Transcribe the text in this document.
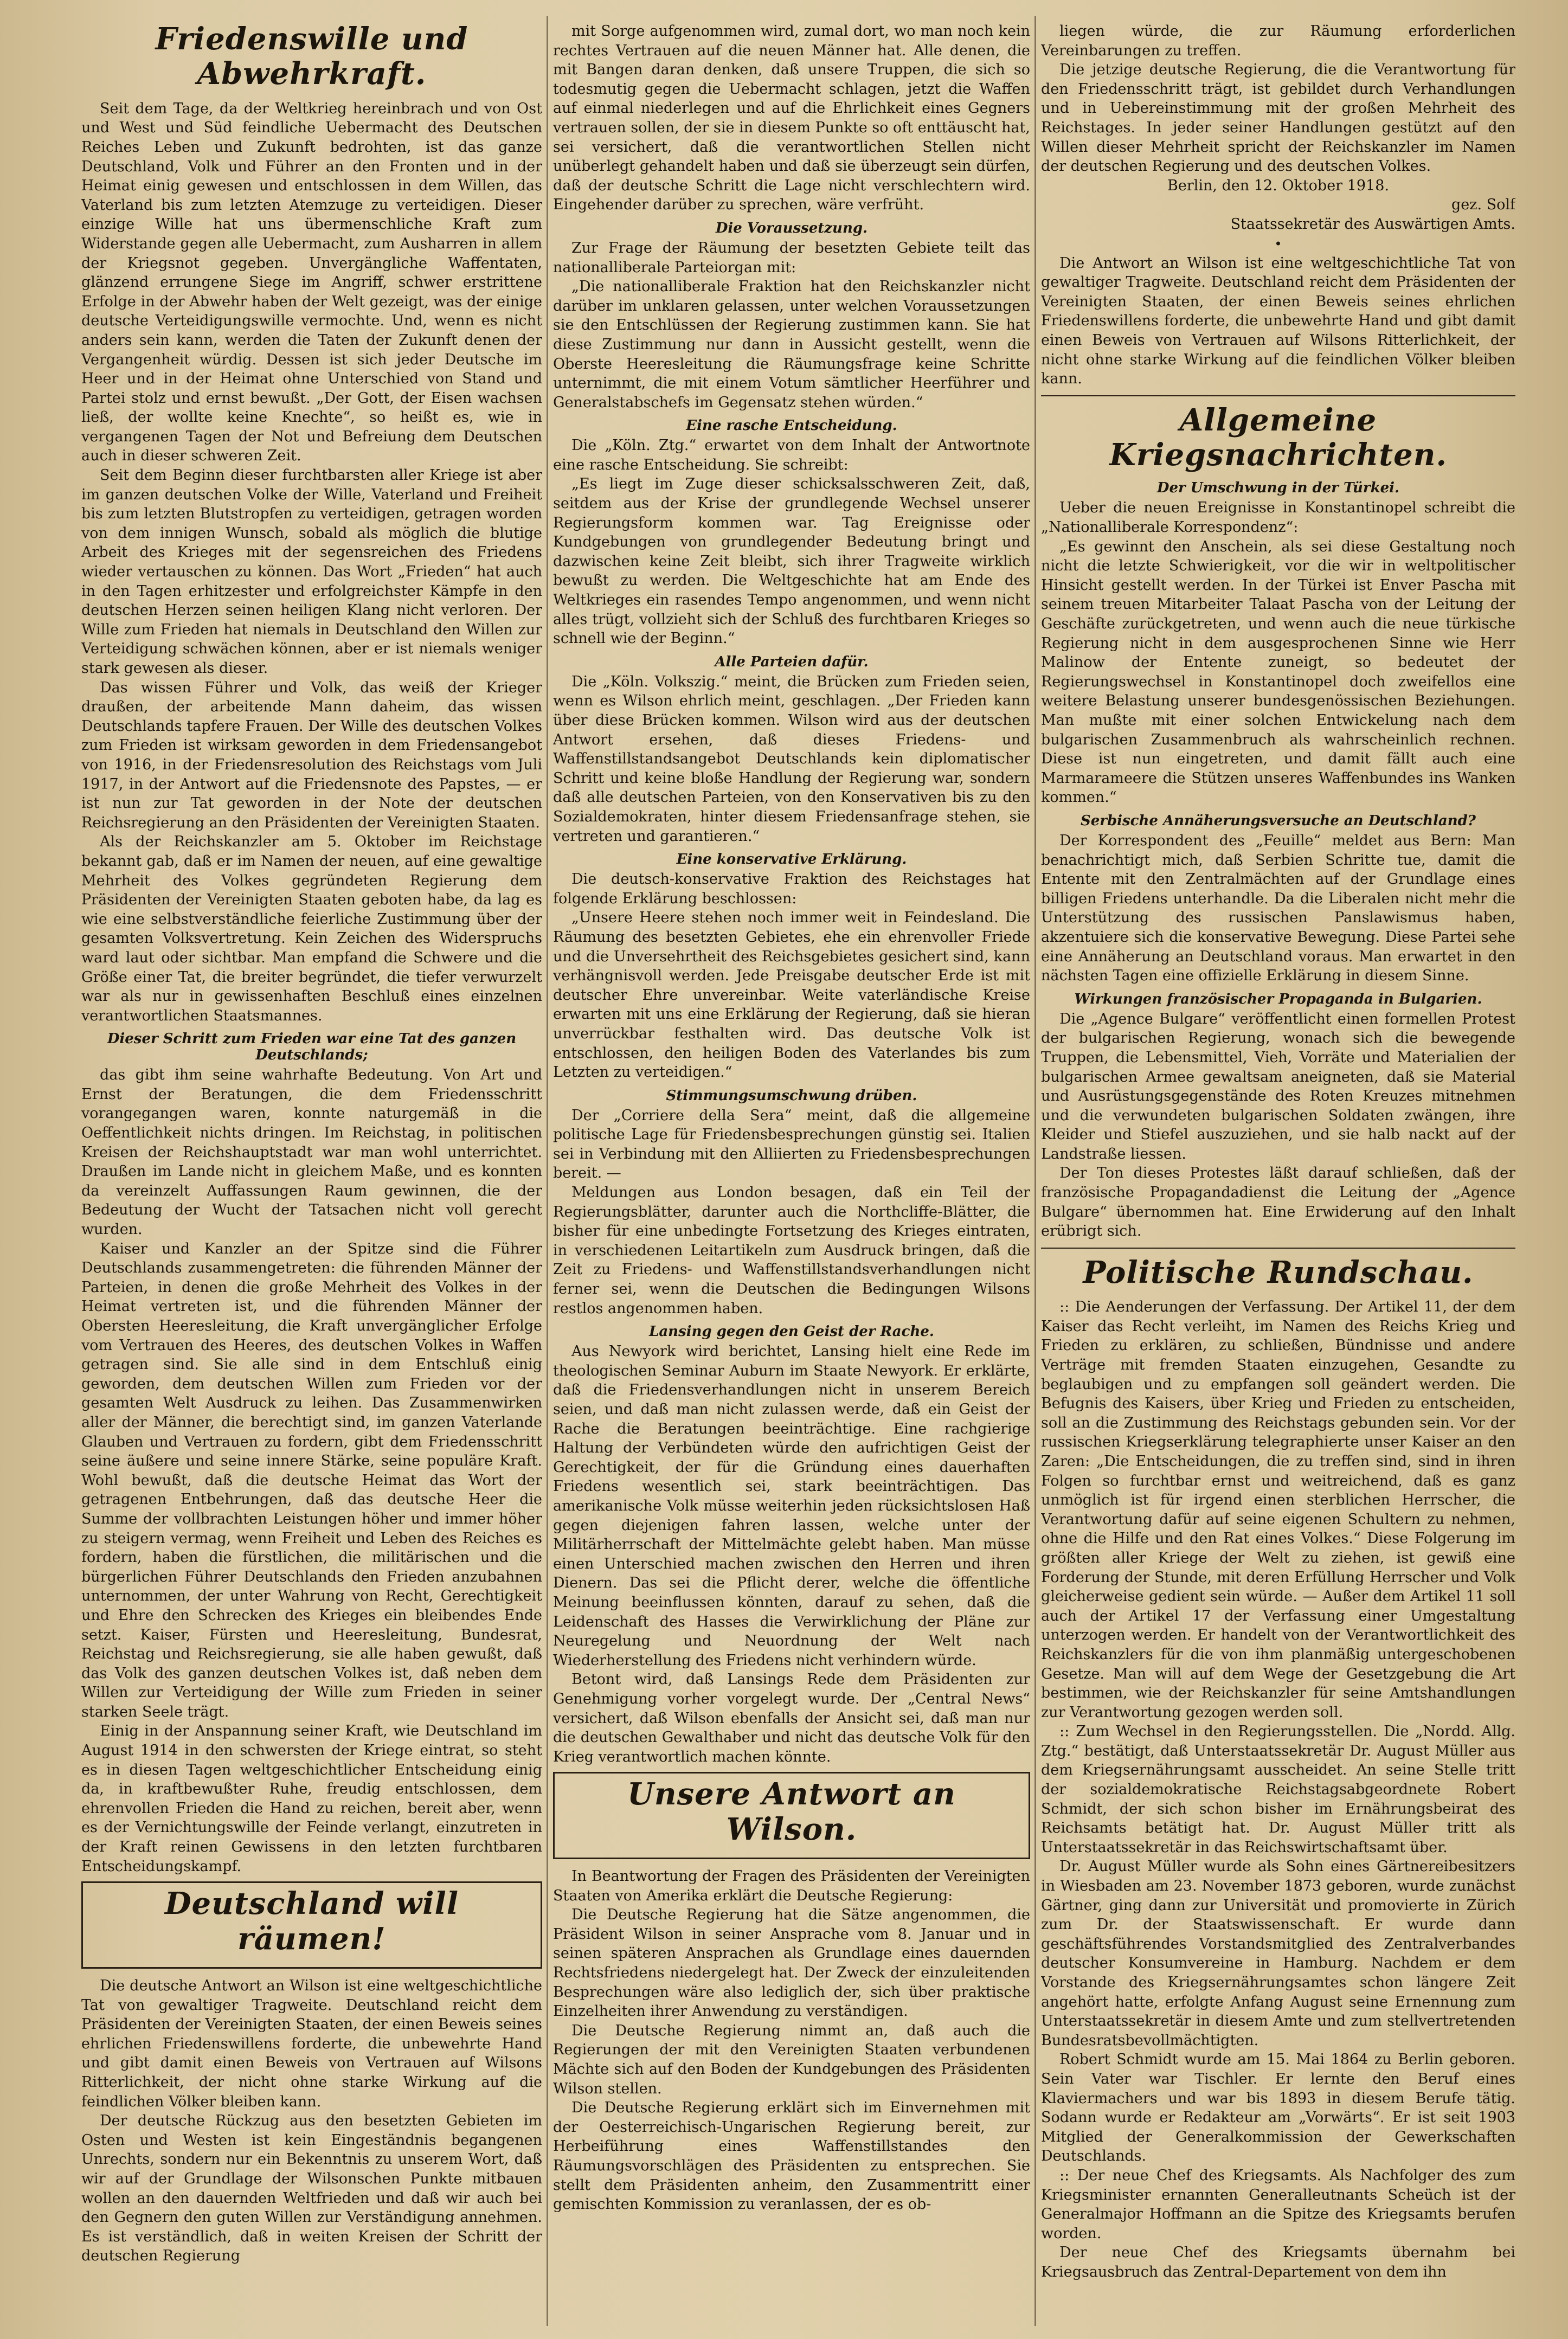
Friedenswille und Abwehrkraft.

Seit dem Tage, da der Weltkrieg hereinbrach und von Ost und West und Süd feindliche Uebermacht des Deutschen Reiches Leben und Zukunft bedrohten, ist das ganze Deutschland, Volk und Führer an den Fronten und in der Heimat einig gewesen und entschlossen in dem Willen, das Vaterland bis zum letzten Atemzuge zu verteidigen. Dieser einzige Wille hat uns übermenschliche Kraft zum Widerstande gegen alle Uebermacht, zum Ausharren in allem der Kriegsnot gegeben. Unvergängliche Waffentaten, glänzend errungene Siege im Angriff, schwer erstrittene Erfolge in der Abwehr haben der Welt gezeigt, was der einige deutsche Verteidigungswille vermochte. Und, wenn es nicht anders sein kann, werden die Taten der Zukunft denen der Vergangenheit würdig. Dessen ist sich jeder Deutsche im Heer und in der Heimat ohne Unterschied von Stand und Partei stolz und ernst bewußt. „Der Gott, der Eisen wachsen ließ, der wollte keine Knechte“, so heißt es, wie in vergangenen Tagen der Not und Befreiung dem Deutschen auch in dieser schweren Zeit.

Seit dem Beginn dieser furchtbarsten aller Kriege ist aber im ganzen deutschen Volke der Wille, Vaterland und Freiheit bis zum letzten Blutstropfen zu verteidigen, getragen worden von dem innigen Wunsch, sobald als möglich die blutige Arbeit des Krieges mit der segensreichen des Friedens wieder vertauschen zu können. Das Wort „Frieden“ hat auch in den Tagen erhitzester und erfolgreichster Kämpfe in den deutschen Herzen seinen heiligen Klang nicht verloren. Der Wille zum Frieden hat niemals in Deutschland den Willen zur Verteidigung schwächen können, aber er ist niemals weniger stark gewesen als dieser.

Das wissen Führer und Volk, das weiß der Krieger draußen, der arbeitende Mann daheim, das wissen Deutschlands tapfere Frauen. Der Wille des deutschen Volkes zum Frieden ist wirksam geworden in dem Friedensangebot von 1916, in der Friedensresolution des Reichstags vom Juli 1917, in der Antwort auf die Friedensnote des Papstes, — er ist nun zur Tat geworden in der Note der deutschen Reichsregierung an den Präsidenten der Vereinigten Staaten.

Als der Reichskanzler am 5. Oktober im Reichstage bekannt gab, daß er im Namen der neuen, auf eine gewaltige Mehrheit des Volkes gegründeten Regierung dem Präsidenten der Vereinigten Staaten geboten habe, da lag es wie eine selbstverständliche feierliche Zustimmung über der gesamten Volksvertretung. Kein Zeichen des Widerspruchs ward laut oder sichtbar. Man empfand die Schwere und die Größe einer Tat, die breiter begründet, die tiefer verwurzelt war als nur in gewissenhaften Beschluß eines einzelnen verantwortlichen Staatsmannes.

Dieser Schritt zum Frieden war eine Tat des ganzen Deutschlands;

das gibt ihm seine wahrhafte Bedeutung. Von Art und Ernst der Beratungen, die dem Friedensschritt vorangegangen waren, konnte naturgemäß in die Oeffentlichkeit nichts dringen. Im Reichstag, in politischen Kreisen der Reichshauptstadt war man wohl unterrichtet. Draußen im Lande nicht in gleichem Maße, und es konnten da vereinzelt Auffassungen Raum gewinnen, die der Bedeutung der Wucht der Tatsachen nicht voll gerecht wurden.

Kaiser und Kanzler an der Spitze sind die Führer Deutschlands zusammengetreten: die führenden Männer der Parteien, in denen die große Mehrheit des Volkes in der Heimat vertreten ist, und die führenden Männer der Obersten Heeresleitung, die Kraft unvergänglicher Erfolge vom Vertrauen des Heeres, des deutschen Volkes in Waffen getragen sind. Sie alle sind in dem Entschluß einig geworden, dem deutschen Willen zum Frieden vor der gesamten Welt Ausdruck zu leihen. Das Zusammenwirken aller der Männer, die berechtigt sind, im ganzen Vaterlande Glauben und Vertrauen zu fordern, gibt dem Friedensschritt seine äußere und seine innere Stärke, seine populäre Kraft. Wohl bewußt, daß die deutsche Heimat das Wort der getragenen Entbehrungen, daß das deutsche Heer die Summe der vollbrachten Leistungen höher und immer höher zu steigern vermag, wenn Freiheit und Leben des Reiches es fordern, haben die fürstlichen, die militärischen und die bürgerlichen Führer Deutschlands den Frieden anzubahnen unternommen, der unter Wahrung von Recht, Gerechtigkeit und Ehre den Schrecken des Krieges ein bleibendes Ende setzt. Kaiser, Fürsten und Heeresleitung, Bundesrat, Reichstag und Reichsregierung, sie alle haben gewußt, daß das Volk des ganzen deutschen Volkes ist, daß neben dem Willen zur Verteidigung der Wille zum Frieden in seiner starken Seele trägt.

Einig in der Anspannung seiner Kraft, wie Deutschland im August 1914 in den schwersten der Kriege eintrat, so steht es in diesen Tagen weltgeschichtlicher Entscheidung einig da, in kraftbewußter Ruhe, freudig entschlossen, dem ehrenvollen Frieden die Hand zu reichen, bereit aber, wenn es der Vernichtungswille der Feinde verlangt, einzutreten in der Kraft reinen Gewissens in den letzten furchtbaren Entscheidungskampf.

Deutschland will räumen!

Die deutsche Antwort an Wilson ist eine weltgeschichtliche Tat von gewaltiger Tragweite. Deutschland reicht dem Präsidenten der Vereinigten Staaten, der einen Beweis seines ehrlichen Friedenswillens forderte, die unbewehrte Hand und gibt damit einen Beweis von Vertrauen auf Wilsons Ritterlichkeit, der nicht ohne starke Wirkung auf die feindlichen Völker bleiben kann.

Der deutsche Rückzug aus den besetzten Gebieten im Osten und Westen ist kein Eingeständnis begangenen Unrechts, sondern nur ein Bekenntnis zu unserem Wort, daß wir auf der Grundlage der Wilsonschen Punkte mitbauen wollen an den dauernden Weltfrieden und daß wir auch bei den Gegnern den guten Willen zur Verständigung annehmen. Es ist verständlich, daß in weiten Kreisen der Schritt der deutschen Regierung

mit Sorge aufgenommen wird, zumal dort, wo man noch kein rechtes Vertrauen auf die neuen Männer hat. Alle denen, die mit Bangen daran denken, daß unsere Truppen, die sich so todesmutig gegen die Uebermacht schlagen, jetzt die Waffen auf einmal niederlegen und auf die Ehrlichkeit eines Gegners vertrauen sollen, der sie in diesem Punkte so oft enttäuscht hat, sei versichert, daß die verantwortlichen Stellen nicht unüberlegt gehandelt haben und daß sie überzeugt sein dürfen, daß der deutsche Schritt die Lage nicht verschlechtern wird. Eingehender darüber zu sprechen, wäre verfrüht.

Die Voraussetzung.

Zur Frage der Räumung der besetzten Gebiete teilt das nationalliberale Parteiorgan mit:

„Die nationalliberale Fraktion hat den Reichskanzler nicht darüber im unklaren gelassen, unter welchen Voraussetzungen sie den Entschlüssen der Regierung zustimmen kann. Sie hat diese Zustimmung nur dann in Aussicht gestellt, wenn die Oberste Heeresleitung die Räumungsfrage keine Schritte unternimmt, die mit einem Votum sämtlicher Heerführer und Generalstabschefs im Gegensatz stehen würden.“

Eine rasche Entscheidung.

Die „Köln. Ztg.“ erwartet von dem Inhalt der Antwortnote eine rasche Entscheidung. Sie schreibt:

„Es liegt im Zuge dieser schicksalsschweren Zeit, daß, seitdem aus der Krise der grundlegende Wechsel unserer Regierungsform kommen war. Tag Ereignisse oder Kundgebungen von grundlegender Bedeutung bringt und dazwischen keine Zeit bleibt, sich ihrer Tragweite wirklich bewußt zu werden. Die Weltgeschichte hat am Ende des Weltkrieges ein rasendes Tempo angenommen, und wenn nicht alles trügt, vollzieht sich der Schluß des furchtbaren Krieges so schnell wie der Beginn.“

Alle Parteien dafür.

Die „Köln. Volkszig.“ meint, die Brücken zum Frieden seien, wenn es Wilson ehrlich meint, geschlagen. „Der Frieden kann über diese Brücken kommen. Wilson wird aus der deutschen Antwort ersehen, daß dieses Friedens- und Waffenstillstandsangebot Deutschlands kein diplomatischer Schritt und keine bloße Handlung der Regierung war, sondern daß alle deutschen Parteien, von den Konservativen bis zu den Sozialdemokraten, hinter diesem Friedensanfrage stehen, sie vertreten und garantieren.“

Eine konservative Erklärung.

Die deutsch-konservative Fraktion des Reichstages hat folgende Erklärung beschlossen:

„Unsere Heere stehen noch immer weit in Feindesland. Die Räumung des besetzten Gebietes, ehe ein ehrenvoller Friede und die Unversehrtheit des Reichsgebietes gesichert sind, kann verhängnisvoll werden. Jede Preisgabe deutscher Erde ist mit deutscher Ehre unvereinbar. Weite vaterländische Kreise erwarten mit uns eine Erklärung der Regierung, daß sie hieran unverrückbar festhalten wird. Das deutsche Volk ist entschlossen, den heiligen Boden des Vaterlandes bis zum Letzten zu verteidigen.“

Stimmungsumschwung drüben.

Der „Corriere della Sera“ meint, daß die allgemeine politische Lage für Friedensbesprechungen günstig sei. Italien sei in Verbindung mit den Alliierten zu Friedensbesprechungen bereit. —

Meldungen aus London besagen, daß ein Teil der Regierungsblätter, darunter auch die Northcliffe-Blätter, die bisher für eine unbedingte Fortsetzung des Krieges eintraten, in verschiedenen Leitartikeln zum Ausdruck bringen, daß die Zeit zu Friedens- und Waffenstillstandsverhandlungen nicht ferner sei, wenn die Deutschen die Bedingungen Wilsons restlos angenommen haben.

Lansing gegen den Geist der Rache.

Aus Newyork wird berichtet, Lansing hielt eine Rede im theologischen Seminar Auburn im Staate Newyork. Er erklärte, daß die Friedensverhandlungen nicht in unserem Bereich seien, und daß man nicht zulassen werde, daß ein Geist der Rache die Beratungen beeinträchtige. Eine rachgierige Haltung der Verbündeten würde den aufrichtigen Geist der Gerechtigkeit, der für die Gründung eines dauerhaften Friedens wesentlich sei, stark beeinträchtigen. Das amerikanische Volk müsse weiterhin jeden rücksichtslosen Haß gegen diejenigen fahren lassen, welche unter der Militärherrschaft der Mittelmächte gelebt haben. Man müsse einen Unterschied machen zwischen den Herren und ihren Dienern. Das sei die Pflicht derer, welche die öffentliche Meinung beeinflussen könnten, darauf zu sehen, daß die Leidenschaft des Hasses die Verwirklichung der Pläne zur Neuregelung und Neuordnung der Welt nach Wiederherstellung des Friedens nicht verhindern würde.

Betont wird, daß Lansings Rede dem Präsidenten zur Genehmigung vorher vorgelegt wurde. Der „Central News“ versichert, daß Wilson ebenfalls der Ansicht sei, daß man nur die deutschen Gewalthaber und nicht das deutsche Volk für den Krieg verantwortlich machen könnte.

Unsere Antwort an Wilson.

In Beantwortung der Fragen des Präsidenten der Vereinigten Staaten von Amerika erklärt die Deutsche Regierung:

Die Deutsche Regierung hat die Sätze angenommen, die Präsident Wilson in seiner Ansprache vom 8. Januar und in seinen späteren Ansprachen als Grundlage eines dauernden Rechtsfriedens niedergelegt hat. Der Zweck der einzuleitenden Besprechungen wäre also lediglich der, sich über praktische Einzelheiten ihrer Anwendung zu verständigen.

Die Deutsche Regierung nimmt an, daß auch die Regierungen der mit den Vereinigten Staaten verbundenen Mächte sich auf den Boden der Kundgebungen des Präsidenten Wilson stellen.

Die Deutsche Regierung erklärt sich im Einvernehmen mit der Oesterreichisch-Ungarischen Regierung bereit, zur Herbeiführung eines Waffenstillstandes den Räumungsvorschlägen des Präsidenten zu entsprechen. Sie stellt dem Präsidenten anheim, den Zusammentritt einer gemischten Kommission zu veranlassen, der es ob-

liegen würde, die zur Räumung erforderlichen Vereinbarungen zu treffen.

Die jetzige deutsche Regierung, die die Verantwortung für den Friedensschritt trägt, ist gebildet durch Verhandlungen und in Uebereinstimmung mit der großen Mehrheit des Reichstages. In jeder seiner Handlungen gestützt auf den Willen dieser Mehrheit spricht der Reichskanzler im Namen der deutschen Regierung und des deutschen Volkes.

Berlin, den 12. Oktober 1918.

gez. Solf
Staatssekretär des Auswärtigen Amts.

•

Die Antwort an Wilson ist eine weltgeschichtliche Tat von gewaltiger Tragweite. Deutschland reicht dem Präsidenten der Vereinigten Staaten, der einen Beweis seines ehrlichen Friedenswillens forderte, die unbewehrte Hand und gibt damit einen Beweis von Vertrauen auf Wilsons Ritterlichkeit, der nicht ohne starke Wirkung auf die feindlichen Völker bleiben kann.

Allgemeine Kriegsnachrichten.
Der Umschwung in der Türkei.

Ueber die neuen Ereignisse in Konstantinopel schreibt die „Nationalliberale Korrespondenz“:

„Es gewinnt den Anschein, als sei diese Gestaltung noch nicht die letzte Schwierigkeit, vor die wir in weltpolitischer Hinsicht gestellt werden. In der Türkei ist Enver Pascha mit seinem treuen Mitarbeiter Talaat Pascha von der Leitung der Geschäfte zurückgetreten, und wenn auch die neue türkische Regierung nicht in dem ausgesprochenen Sinne wie Herr Malinow der Entente zuneigt, so bedeutet der Regierungswechsel in Konstantinopel doch zweifellos eine weitere Belastung unserer bundesgenössischen Beziehungen. Man mußte mit einer solchen Entwickelung nach dem bulgarischen Zusammenbruch als wahrscheinlich rechnen. Diese ist nun eingetreten, und damit fällt auch eine Marmarameere die Stützen unseres Waffenbundes ins Wanken kommen.“

Serbische Annäherungsversuche an Deutschland?

Der Korrespondent des „Feuille“ meldet aus Bern: Man benachrichtigt mich, daß Serbien Schritte tue, damit die Entente mit den Zentralmächten auf der Grundlage eines billigen Friedens unterhandle. Da die Liberalen nicht mehr die Unterstützung des russischen Panslawismus haben, akzentuiere sich die konservative Bewegung. Diese Partei sehe eine Annäherung an Deutschland voraus. Man erwartet in den nächsten Tagen eine offizielle Erklärung in diesem Sinne.

Wirkungen französischer Propaganda in Bulgarien.

Die „Agence Bulgare“ veröffentlicht einen formellen Protest der bulgarischen Regierung, wonach sich die bewegende Truppen, die Lebensmittel, Vieh, Vorräte und Materialien der bulgarischen Armee gewaltsam aneigneten, daß sie Material und Ausrüstungsgegenstände des Roten Kreuzes mitnehmen und die verwundeten bulgarischen Soldaten zwängen, ihre Kleider und Stiefel auszuziehen, und sie halb nackt auf der Landstraße liessen.

Der Ton dieses Protestes läßt darauf schließen, daß der französische Propagandadienst die Leitung der „Agence Bulgare“ übernommen hat. Eine Erwiderung auf den Inhalt erübrigt sich.

Politische Rundschau.

:: Die Aenderungen der Verfassung. Der Artikel 11, der dem Kaiser das Recht verleiht, im Namen des Reichs Krieg und Frieden zu erklären, zu schließen, Bündnisse und andere Verträge mit fremden Staaten einzugehen, Gesandte zu beglaubigen und zu empfangen soll geändert werden. Die Befugnis des Kaisers, über Krieg und Frieden zu entscheiden, soll an die Zustimmung des Reichstags gebunden sein. Vor der russischen Kriegserklärung telegraphierte unser Kaiser an den Zaren: „Die Entscheidungen, die zu treffen sind, sind in ihren Folgen so furchtbar ernst und weitreichend, daß es ganz unmöglich ist für irgend einen sterblichen Herrscher, die Verantwortung dafür auf seine eigenen Schultern zu nehmen, ohne die Hilfe und den Rat eines Volkes.“ Diese Folgerung im größten aller Kriege der Welt zu ziehen, ist gewiß eine Forderung der Stunde, mit deren Erfüllung Herrscher und Volk gleicherweise gedient sein würde. — Außer dem Artikel 11 soll auch der Artikel 17 der Verfassung einer Umgestaltung unterzogen werden. Er handelt von der Verantwortlichkeit des Reichskanzlers für die von ihm planmäßig untergeschobenen Gesetze. Man will auf dem Wege der Gesetzgebung die Art bestimmen, wie der Reichskanzler für seine Amtshandlungen zur Verantwortung gezogen werden soll.

:: Zum Wechsel in den Regierungsstellen. Die „Nordd. Allg. Ztg.“ bestätigt, daß Unterstaatssekretär Dr. August Müller aus dem Kriegsernährungsamt ausscheidet. An seine Stelle tritt der sozialdemokratische Reichstagsabgeordnete Robert Schmidt, der sich schon bisher im Ernährungsbeirat des Reichsamts betätigt hat. Dr. August Müller tritt als Unterstaatssekretär in das Reichswirtschaftsamt über.

Dr. August Müller wurde als Sohn eines Gärtnereibesitzers in Wiesbaden am 23. November 1873 geboren, wurde zunächst Gärtner, ging dann zur Universität und promovierte in Zürich zum Dr. der Staatswissenschaft. Er wurde dann geschäftsführendes Vorstandsmitglied des Zentralverbandes deutscher Konsumvereine in Hamburg. Nachdem er dem Vorstande des Kriegsernährungsamtes schon längere Zeit angehört hatte, erfolgte Anfang August seine Ernennung zum Unterstaatssekretär in diesem Amte und zum stellvertretenden Bundesratsbevollmächtigten.

Robert Schmidt wurde am 15. Mai 1864 zu Berlin geboren. Sein Vater war Tischler. Er lernte den Beruf eines Klaviermachers und war bis 1893 in diesem Berufe tätig. Sodann wurde er Redakteur am „Vorwärts“. Er ist seit 1903 Mitglied der Generalkommission der Gewerkschaften Deutschlands.

:: Der neue Chef des Kriegsamts. Als Nachfolger des zum Kriegsminister ernannten Generalleutnants Scheüch ist der Generalmajor Hoffmann an die Spitze des Kriegsamts berufen worden.

Der neue Chef des Kriegsamts übernahm bei Kriegsausbruch das Zentral-Departement von dem ihn
